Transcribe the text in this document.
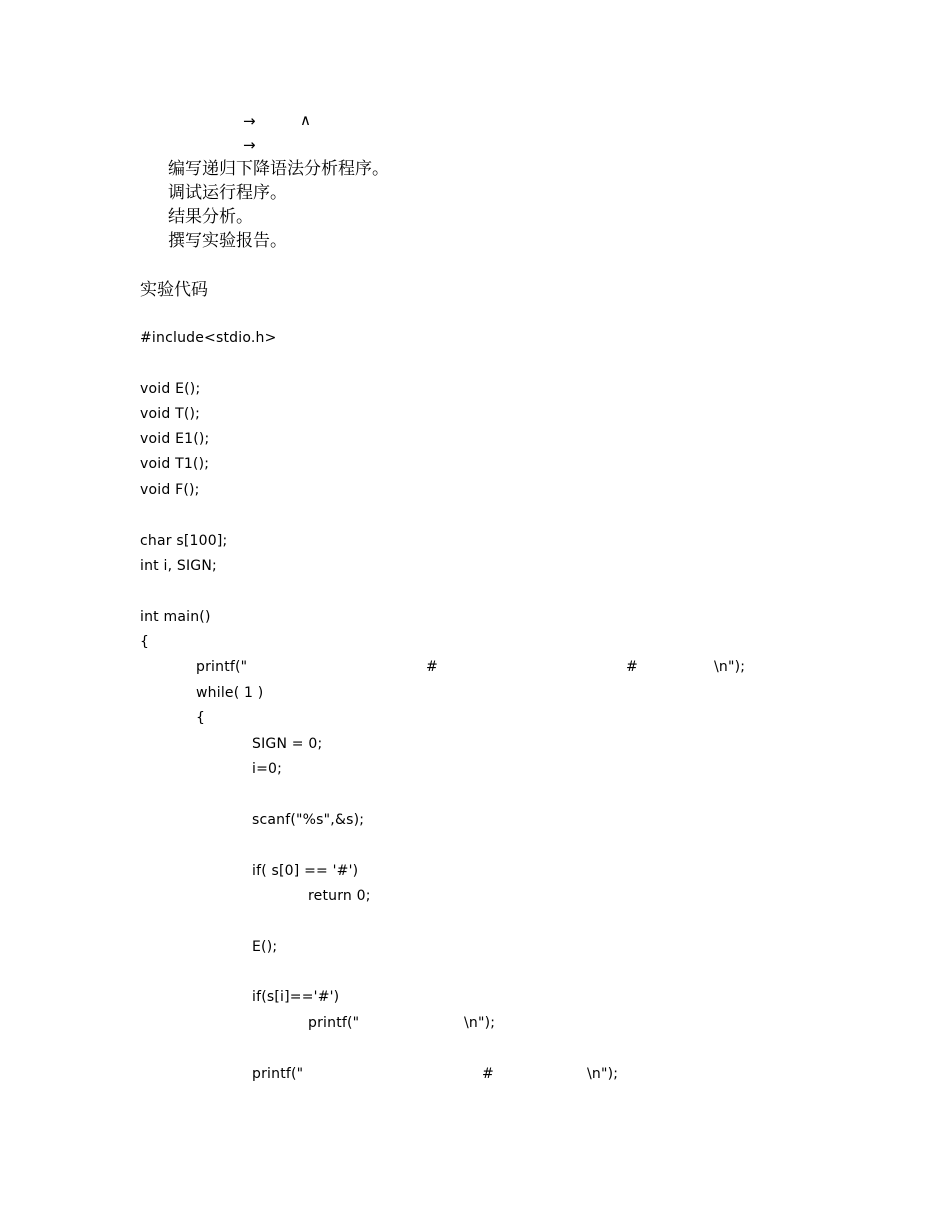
→	∧
→
编写递归下降语法分析程序。
调试运行程序。
结果分析。
撰写实验报告。
实验代码
#include<stdio.h>
void E();
void T();
void E1();
void T1();
void F();
char s[100];
int i, SIGN;
int main()
{
printf("	#	#	\n");
while( 1 )
{
SIGN = 0;
i=0;
scanf("%s",&s);
if( s[0] == '#')
return 0;
E();
if(s[i]=='#')
printf("	\n");
printf("	#	\n");
